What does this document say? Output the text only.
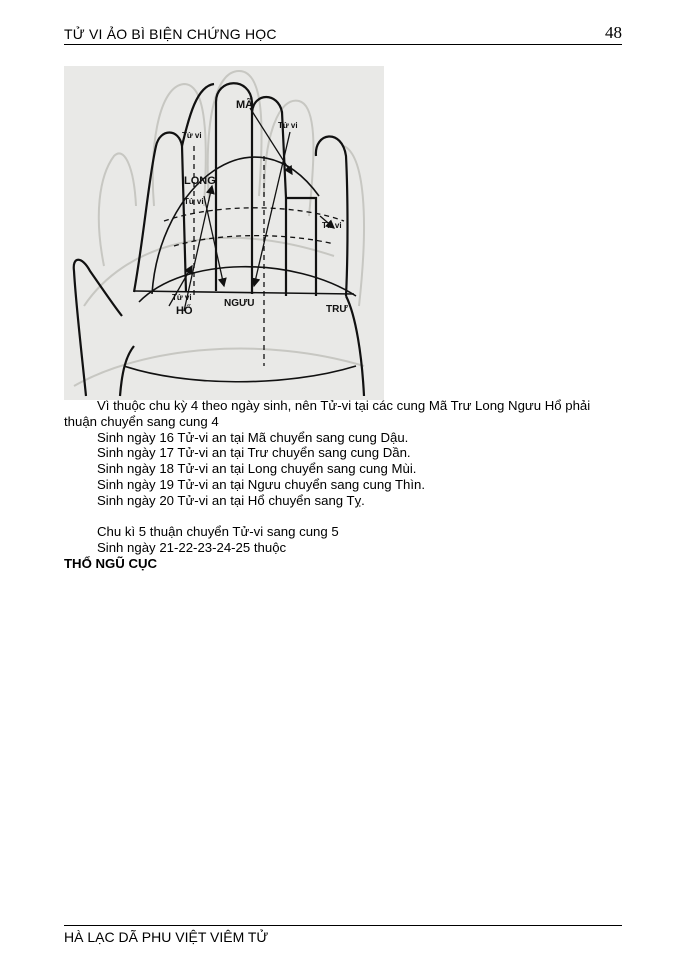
TỬ VI ẢO BÌ BIỆN CHỨNG HỌC	48
MÃ
Tử vi
Tử vi
LONG
Tử vi
Tử vi
Tử vi
HỔ
NGƯU
TRƯ

Vì thuộc chu kỳ 4 theo ngày sinh, nên Tử-vi tại các cung Mã Trư Long Ngưu Hổ phải thuận chuyển sang cung 4

Sinh ngày 16 Tử-vi an tại Mã chuyển sang cung Dậu.

Sinh ngày 17 Tử-vi an tại Trư chuyển sang cung Dần.

Sinh ngày 18 Tử-vi an tại Long chuyển sang cung Mùi.

Sinh ngày 19 Tử-vi an tại Ngưu chuyển sang cung Thìn.

Sinh ngày 20 Tử-vi an tại Hổ chuyển sang Tỵ.

Chu kì 5 thuận chuyển Tử-vi sang cung 5

Sinh ngày 21-22-23-24-25 thuộc

THỔ NGŨ CỤC

HÀ LẠC DÃ PHU VIỆT VIÊM TỬ
